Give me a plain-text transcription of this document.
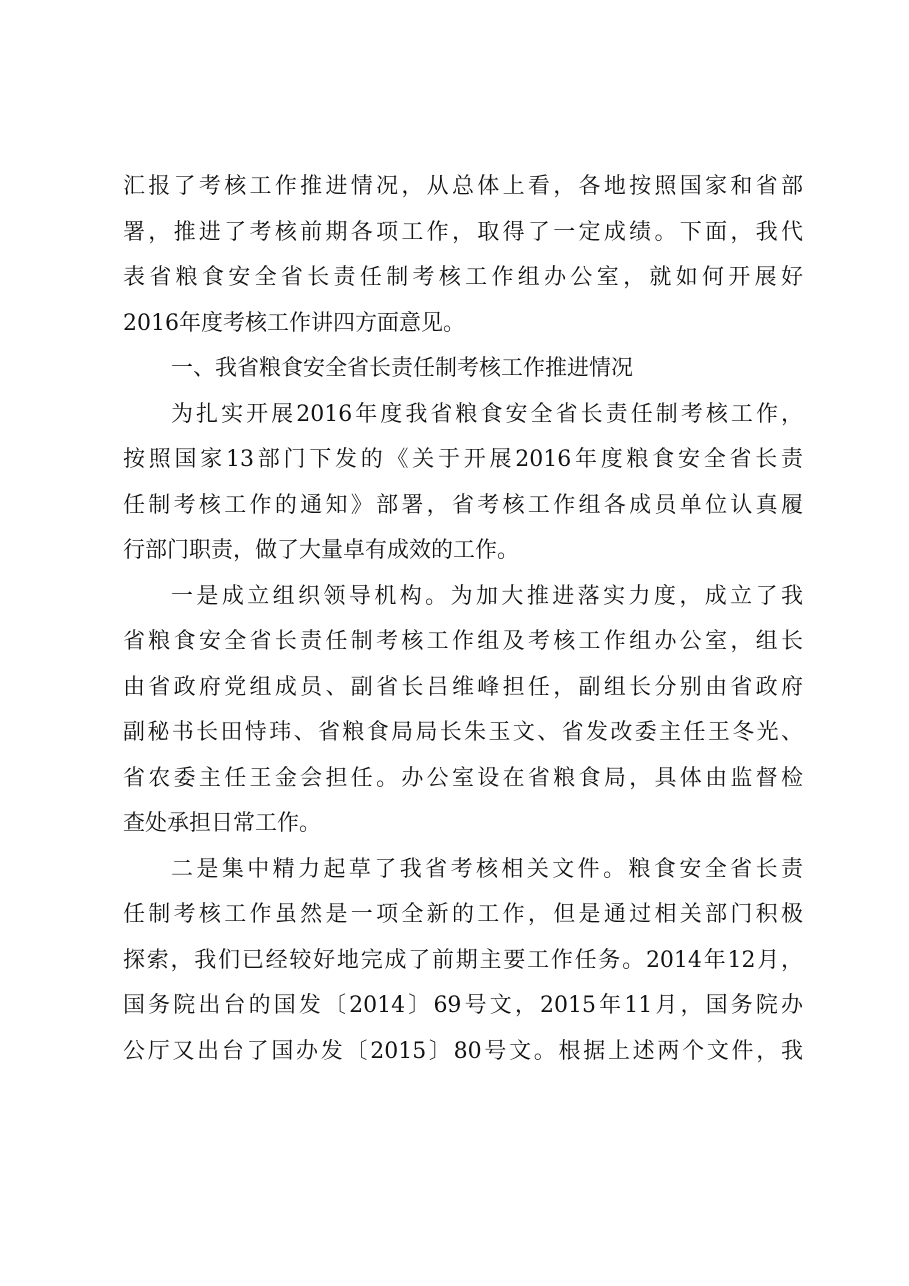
汇报了考核工作推进情况，从总体上看，各地按照国家和省部
署，推进了考核前期各项工作，取得了一定成绩。下面，我代
表省粮食安全省长责任制考核工作组办公室，就如何开展好
2016年度考核工作讲四方面意见。
一、我省粮食安全省长责任制考核工作推进情况
为扎实开展2016年度我省粮食安全省长责任制考核工作，
按照国家13部门下发的《关于开展2016年度粮食安全省长责
任制考核工作的通知》部署，省考核工作组各成员单位认真履
行部门职责，做了大量卓有成效的工作。
一是成立组织领导机构。为加大推进落实力度，成立了我
省粮食安全省长责任制考核工作组及考核工作组办公室，组长
由省政府党组成员、副省长吕维峰担任，副组长分别由省政府
副秘书长田恃玮、省粮食局局长朱玉文、省发改委主任王冬光、
省农委主任王金会担任。办公室设在省粮食局，具体由监督检
查处承担日常工作。
二是集中精力起草了我省考核相关文件。粮食安全省长责
任制考核工作虽然是一项全新的工作，但是通过相关部门积极
探索，我们已经较好地完成了前期主要工作任务。2014年12月，
国务院出台的国发〔2014〕69号文，2015年11月，国务院办
公厅又出台了国办发〔2015〕80号文。根据上述两个文件，我
